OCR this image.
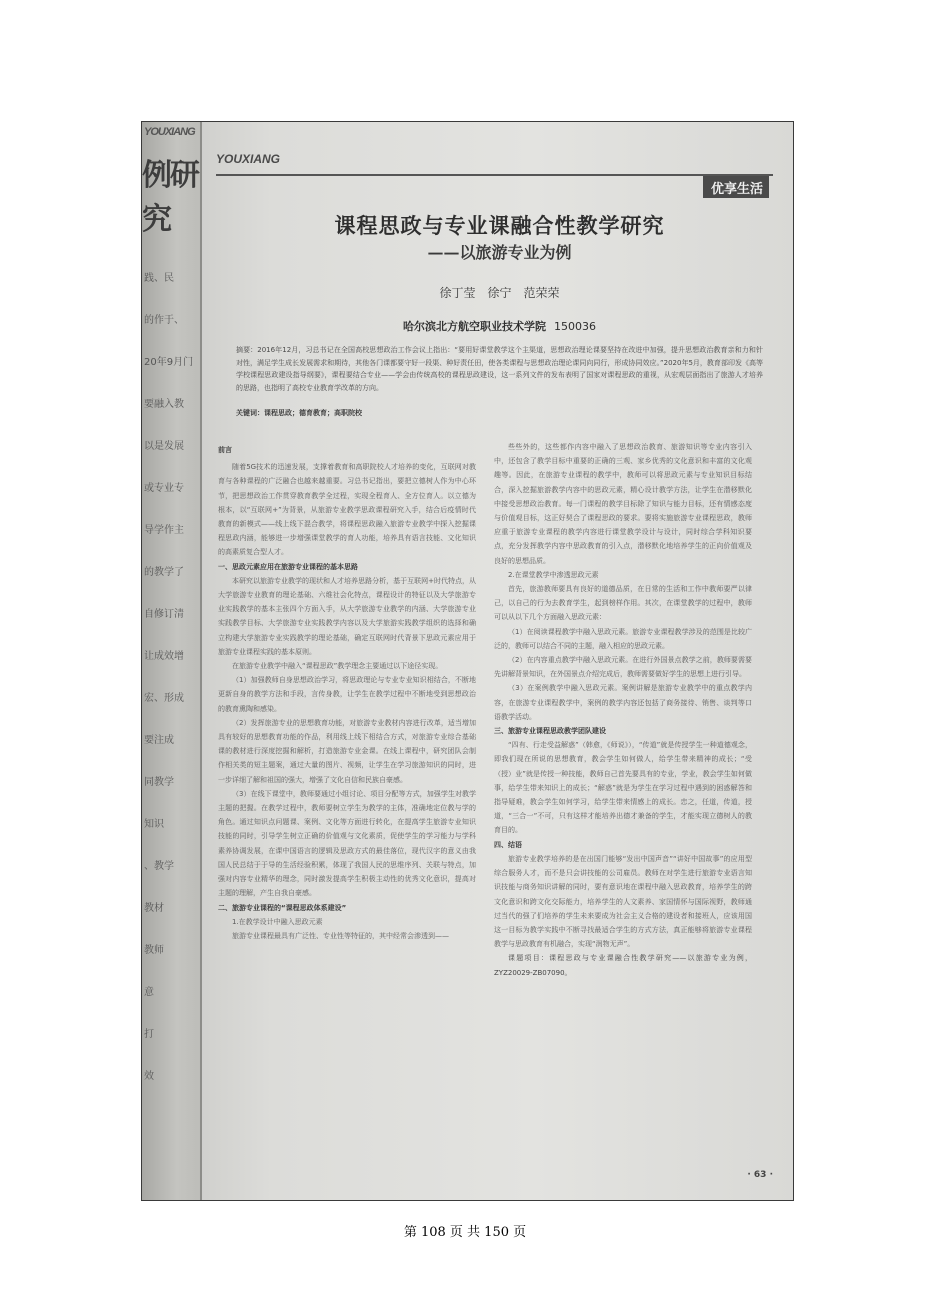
YOUXIANG
例研究
践、民
的作于、
20年9月门
要融入教
以是发展
或专业专
导学作主
的教学了
自修订清
让成效增
宏、形成
要注成
同教学
知识
、教学
教材
教师
意
打
效
YOUXIANG
优享生活
课程思政与专业课融合性教学研究
——以旅游专业为例
徐丁莹　徐宁　范荣荣
哈尔滨北方航空职业技术学院 150036
摘要：2016年12月，习总书记在全国高校思想政治工作会议上指出：“要用好课堂教学这个主渠道，思想政治理论课要坚持在改进中加强，提升思想政治教育亲和力和针对性，满足学生成长发展需求和期待，其他各门课都要守好一段渠、种好责任田，使各类课程与思想政治理论课同向同行，形成协同效应。”2020年5月，教育部印发《高等学校课程思政建设指导纲要》，课程要结合专业——学会由传统高校的课程思政建设，这一系列文件的发布表明了国家对课程思政的重视，从宏观层面指出了旅游人才培养的思路，也指明了高校专业教育学改革的方向。
关键词：课程思政；德育教育；高职院校
前言

随着5G技术的迅速发展，支撑着教育和高职院校人才培养的变化，互联网对教育与各种课程的广泛融合也越来越重要。习总书记指出，要把立德树人作为中心环节，把思想政治工作贯穿教育教学全过程，实现全程育人、全方位育人。以立德为根本，以“互联网+”为背景，从旅游专业教学思政课程研究入手，结合后疫情时代教育的新模式——线上线下混合教学，将课程思政融入旅游专业教学中探入挖掘课程思政内涵，能够进一步增强课堂教学的育人功能，培养具有语言技能、文化知识的高素质复合型人才。

一、思政元素应用在旅游专业课程的基本思路

本研究以旅游专业教学的现状和人才培养思路分析，基于互联网+时代特点，从大学旅游专业教育的理论基础、六维社会化特点，课程设计的特征以及大学旅游专业实践教学的基本主张四个方面入手，从大学旅游专业教学的内涵、大学旅游专业实践教学目标、大学旅游专业实践教学内容以及大学旅游实践教学组织的选择和确立构建大学旅游专业实践教学的理论基础，确定互联网时代背景下思政元素应用于旅游专业课程实践的基本原则。

在旅游专业教学中融入“课程思政”教学理念主要通过以下途径实现。

（1）加强教师自身思想政治学习，将思政理论与专业专业知识相结合，不断地更新自身的教学方法和手段，言传身教，让学生在教学过程中不断地受到思想政治的教育熏陶和感染。

（2）发挥旅游专业的思想教育功能，对旅游专业教材内容进行改革，适当增加具有较好的思想教育功能的作品，利用线上线下相结合方式，对旅游专业综合基础课的教材进行深度挖掘和解析，打造旅游专业金课。在线上课程中，研究团队会制作相关类的短主题案，通过大量的图片、视频，让学生在学习旅游知识的同时，进一步详细了解和祖国的强大，增强了文化自信和民族自豪感。

（3）在线下课堂中，教师要通过小组讨论、项目分配等方式，加强学生对教学主题的把握。在教学过程中，教师要树立学生为教学的主体，准确地定位教与学的角色。通过知识点问题课、案例、文化等方面进行转化，在提高学生旅游专业知识技能的同时，引导学生树立正确的价值观与文化素质，促使学生的学习能力与学科素养协调发展，在课中国语言的逻辑及思政方式的最佳落位，现代汉字的意义由我国人民总结于于导的生活经验积累，体现了我国人民的思维序列、关联与特点，加强对内容专业精华的理念，同时激发提高学生积极主动性的优秀文化意识，提高对主题的理解，产生自我自豪感。

二、旅游专业课程的“课程思政体系建设”

1.在教学设计中融入思政元素

旅游专业课程最具有广泛性、专业性等特征的，其中经常会渗透到——

些些外的，这些都作内容中融入了思想政治教育、旅游知识等专业内容引入中，还包含了教学目标中重要的正确的三观、家乡优秀的文化意识和丰富的文化观趣等。因此，在旅游专业课程的教学中，教师可以将思政元素与专业知识目标结合，深入挖掘旅游教学内容中的思政元素，精心设计教学方法，让学生在潜移默化中接受思想政治教育。每一门课程的教学目标除了知识与能力目标，还有情感态度与价值观目标，这正好契合了课程思政的要求。要将实施旅游专业课程思政，教师应重于旅游专业课程的教学内容进行课堂教学设计与设计，同时综合学科知识要点，充分发挥教学内容中思政教育的引入点，潜移默化地培养学生的正向价值观及良好的思想品质。

2.在课堂教学中渗透思政元素

首先，旅游教师要具有良好的道德品质，在日常的生活和工作中教师要严以律己，以自己的行为去教育学生，起到榜样作用。其次，在课堂教学的过程中，教师可以从以下几个方面融入思政元素：

（1）在阅读课程教学中融入思政元素。旅游专业课程教学涉及的范围是比较广泛的，教师可以结合不同的主题，融入相应的思政元素。

（2）在内容重点教学中融入思政元素。在进行外国景点教学之前，教师要需要先讲解背景知识，在外国景点介绍完成后，教师需要做好学生的思想上进行引导。

（3）在案例教学中融入思政元素。案例讲解是旅游专业教学中的重点教学内容，在旅游专业课程教学中，案例的教学内容还包括了商务接待、销售、谈判等口语教学活动。

三、旅游专业课程思政教学团队建设

“四有、行走受益解惑”（韩愈，《师说》），“传道”就是传授学生一种道德观念，即我们现在所说的思想教育，教会学生如何做人，给学生带来精神的成长；“受（授）业”就是传授一种技能，教师自己首先要具有的专业，学业，教会学生如何做事，给学生带来知识上的成长；“解惑”就是为学生在学习过程中遇到的困惑解答和指导疑难，教会学生如何学习，给学生带来情感上的成长。忠之，任道，传道，授道，“三合一”不可，只有这样才能培养出德才兼备的学生，才能实现立德树人的教育目的。

四、结语

旅游专业教学培养的是在出国门能够“发出中国声音”“讲好中国故事”的应用型综合服务人才，而不是只会讲技能的公司雇员。教师在对学生进行旅游专业语言知识技能与商务知识讲解的同时，要有意识地在课程中融入思政教育，培养学生的跨文化意识和跨文化交际能力，培养学生的人文素养、家国情怀与国际视野，教师通过当代的强了们培养的学生未来要成为社会主义合格的建设者和接班人，应该用国这一目标为教学实践中不断寻找最适合学生的方式方法，真正能够将旅游专业课程教学与思政教育有机融合，实现“润物无声”。

课题项目：课程思政与专业课融合性教学研究——以旅游专业为例，ZYZ20029-ZB07090。

· 63 ·
第 108 页 共 150 页
